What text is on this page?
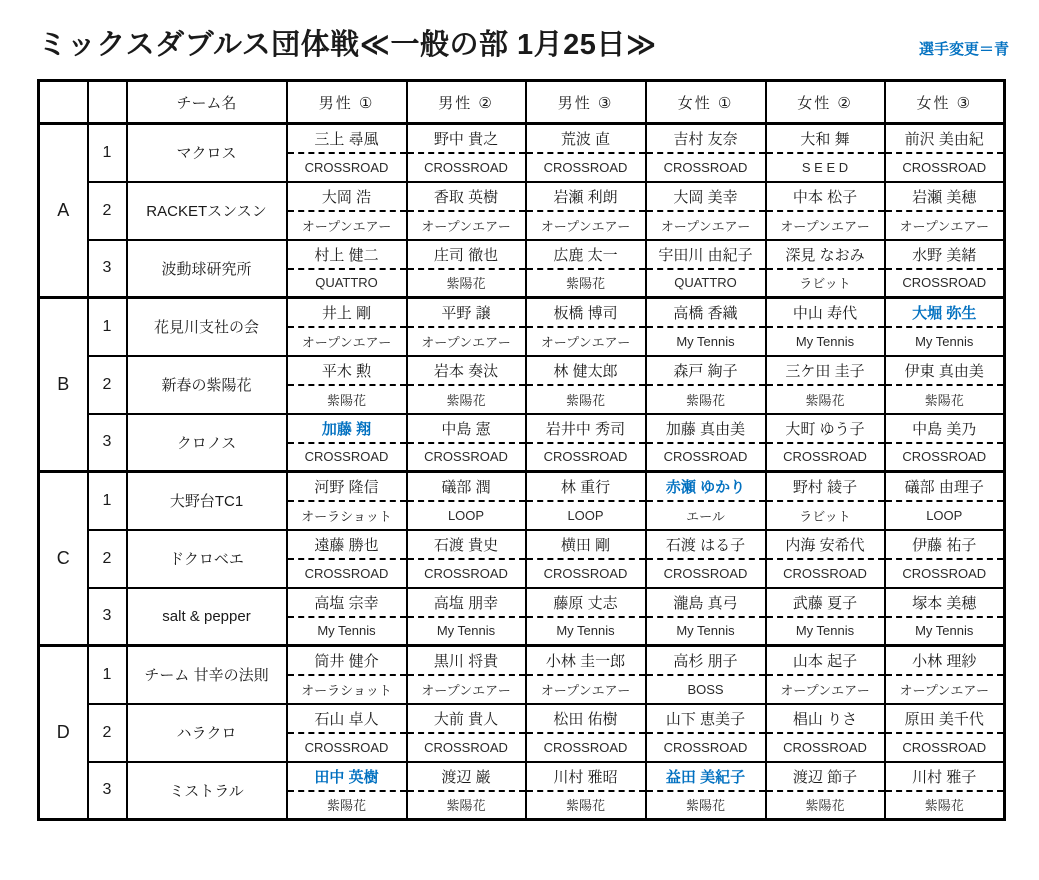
ミックスダブルス団体戦≪一般の部 1月25日≫	選手変更＝青
		チーム名	男性 ①	男性 ②	男性 ③	女性 ①	女性 ②	女性 ③
A	1	マクロス	三上 尋風	野中 貴之	荒波 直	吉村 友奈	大和 舞	前沢 美由紀
			CROSSROAD	CROSSROAD	CROSSROAD	CROSSROAD	S E E D	CROSSROAD
	2	RACKETスンスン	大岡 浩	香取 英樹	岩瀬 利朗	大岡 美幸	中本 松子	岩瀬 美穂
			オープンエアー	オープンエアー	オープンエアー	オープンエアー	オープンエアー	オープンエアー
	3	波動球研究所	村上 健二	庄司 徹也	広鹿 太一	宇田川 由紀子	深見 なおみ	水野 美緒
			QUATTRO	紫陽花	紫陽花	QUATTRO	ラビット	CROSSROAD
B	1	花見川支社の会	井上 剛	平野 譲	板橋 博司	高橋 香織	中山 寿代	大堀 弥生
			オープンエアー	オープンエアー	オープンエアー	My Tennis	My Tennis	My Tennis
	2	新春の紫陽花	平木 勲	岩本 奏汰	林 健太郎	森戸 絢子	三ケ田 圭子	伊東 真由美
			紫陽花	紫陽花	紫陽花	紫陽花	紫陽花	紫陽花
	3	クロノス	加藤 翔	中島 憲	岩井中 秀司	加藤 真由美	大町 ゆう子	中島 美乃
			CROSSROAD	CROSSROAD	CROSSROAD	CROSSROAD	CROSSROAD	CROSSROAD
C	1	大野台TC1	河野 隆信	礒部 潤	林 重行	赤瀬 ゆかり	野村 綾子	礒部 由理子
			オーラショット	LOOP	LOOP	エール	ラビット	LOOP
	2	ドクロベエ	遠藤 勝也	石渡 貴史	横田 剛	石渡 はる子	内海 安希代	伊藤 祐子
			CROSSROAD	CROSSROAD	CROSSROAD	CROSSROAD	CROSSROAD	CROSSROAD
	3	salt & pepper	高塩 宗幸	高塩 朋幸	藤原 丈志	瀧島 真弓	武藤 夏子	塚本 美穂
			My Tennis	My Tennis	My Tennis	My Tennis	My Tennis	My Tennis
D	1	チーム 甘辛の法則	筒井 健介	黒川 将貴	小林 圭一郎	高杉 朋子	山本 起子	小林 理紗
			オーラショット	オープンエアー	オープンエアー	BOSS	オープンエアー	オープンエアー
	2	ハラクロ	石山 卓人	大前 貴人	松田 佑樹	山下 恵美子	椙山 りさ	原田 美千代
			CROSSROAD	CROSSROAD	CROSSROAD	CROSSROAD	CROSSROAD	CROSSROAD
	3	ミストラル	田中 英樹	渡辺 巌	川村 雅昭	益田 美紀子	渡辺 節子	川村 雅子
			紫陽花	紫陽花	紫陽花	紫陽花	紫陽花	紫陽花
